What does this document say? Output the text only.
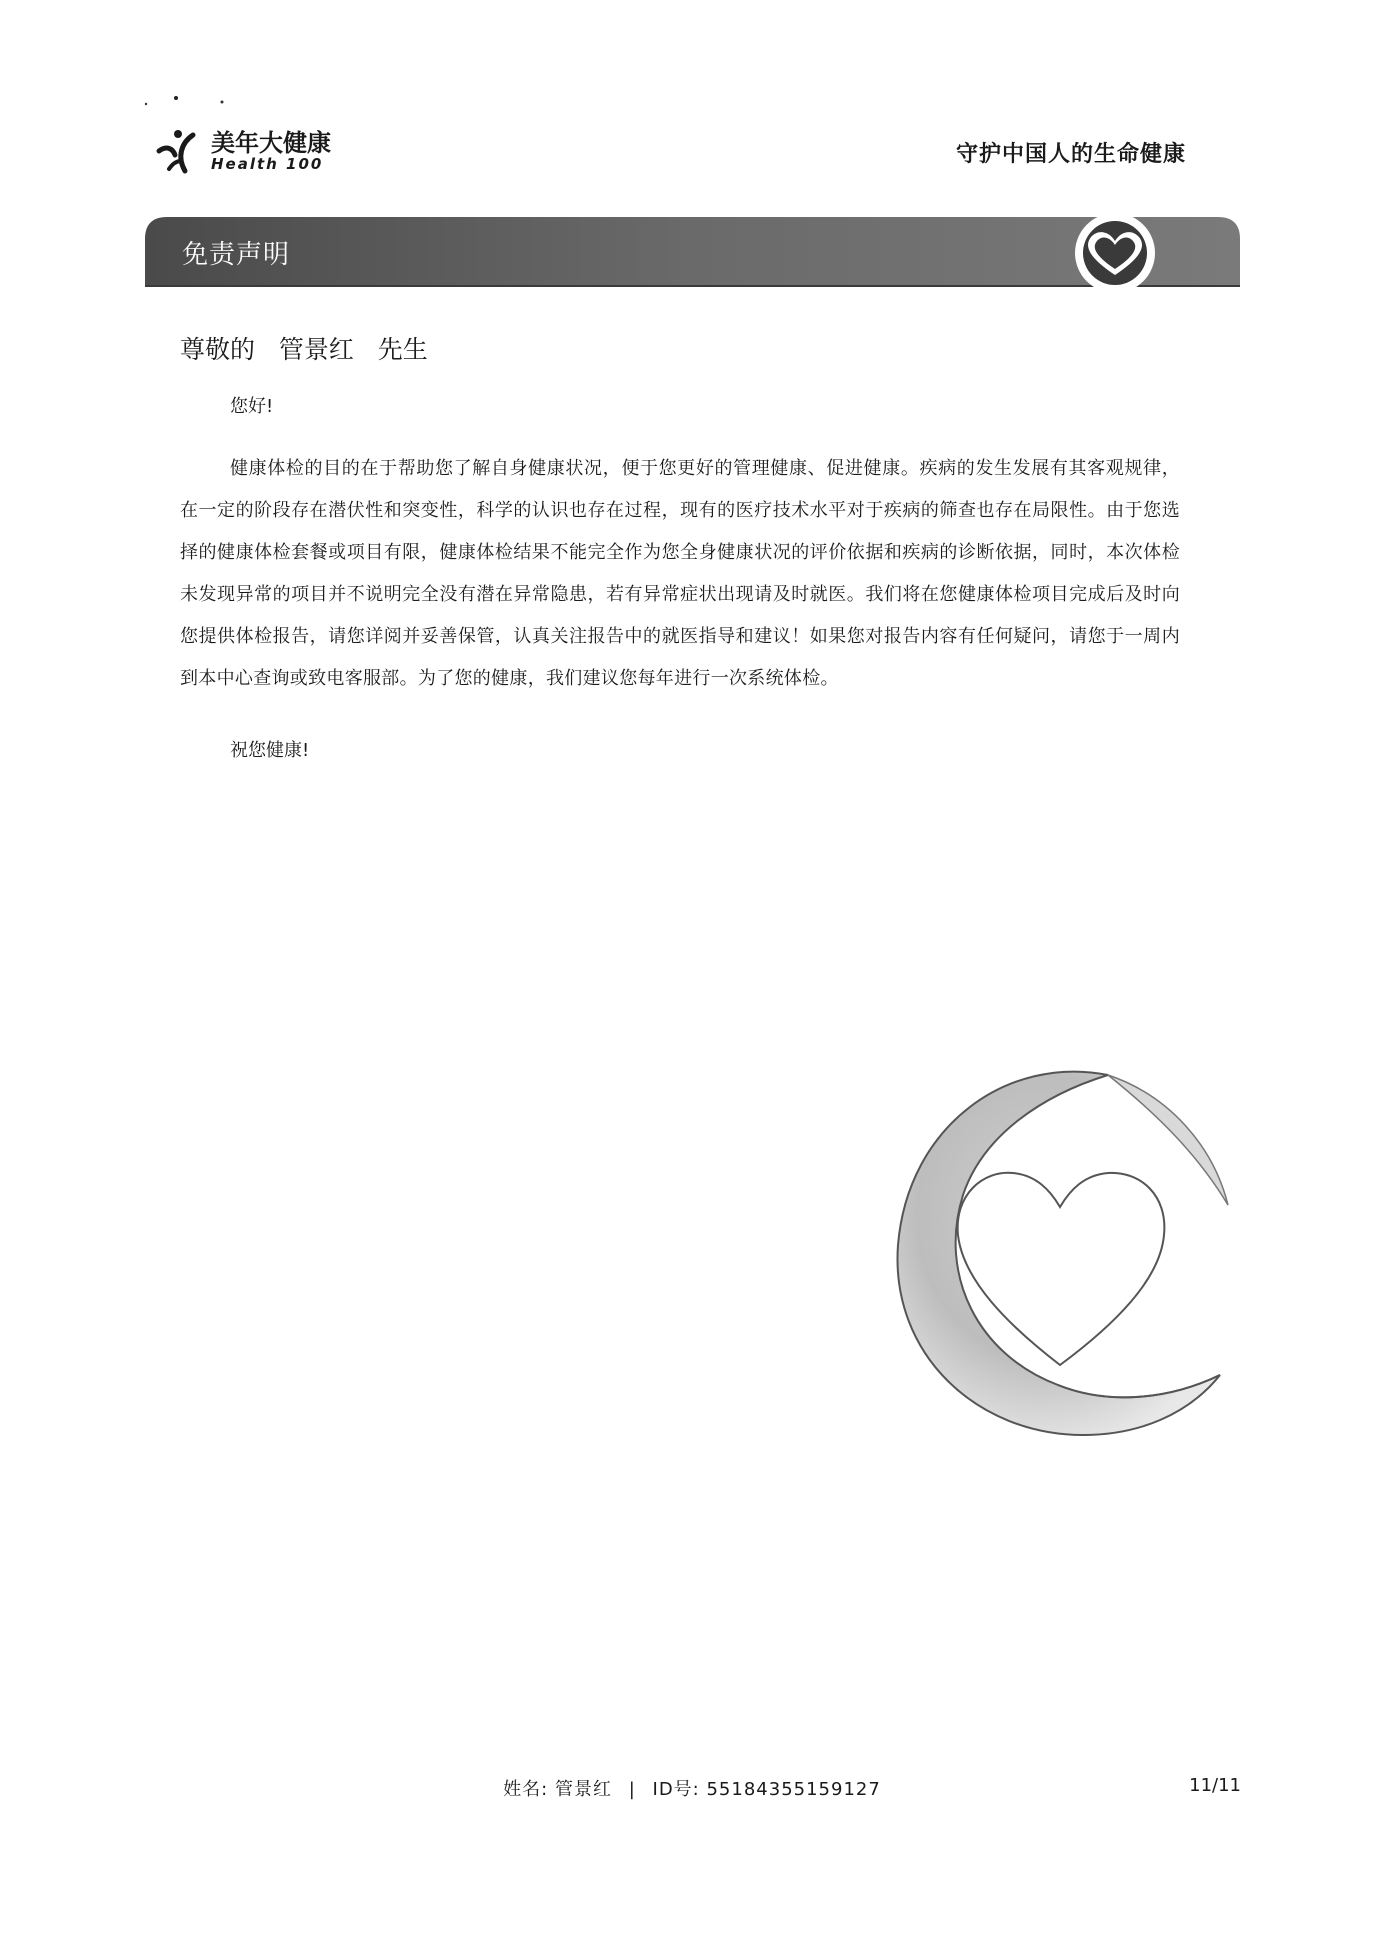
美年大健康
Health 100	守护中国人的生命健康
免责声明
尊敬的 管景红 先生
您好!
健康体检的目的在于帮助您了解自身健康状况，便于您更好的管理健康、促进健康。疾病的发生发展有其客观规律，在一定的阶段存在潜伏性和突变性，科学的认识也存在过程，现有的医疗技术水平对于疾病的筛查也存在局限性。由于您选择的健康体检套餐或项目有限，健康体检结果不能完全作为您全身健康状况的评价依据和疾病的诊断依据，同时，本次体检未发现异常的项目并不说明完全没有潜在异常隐患，若有异常症状出现请及时就医。我们将在您健康体检项目完成后及时向您提供体检报告，请您详阅并妥善保管，认真关注报告中的就医指导和建议！如果您对报告内容有任何疑问，请您于一周内到本中心查询或致电客服部。为了您的健康，我们建议您每年进行一次系统体检。
祝您健康!
姓名: 管景红 | ID号: 55184355159127	11/11
